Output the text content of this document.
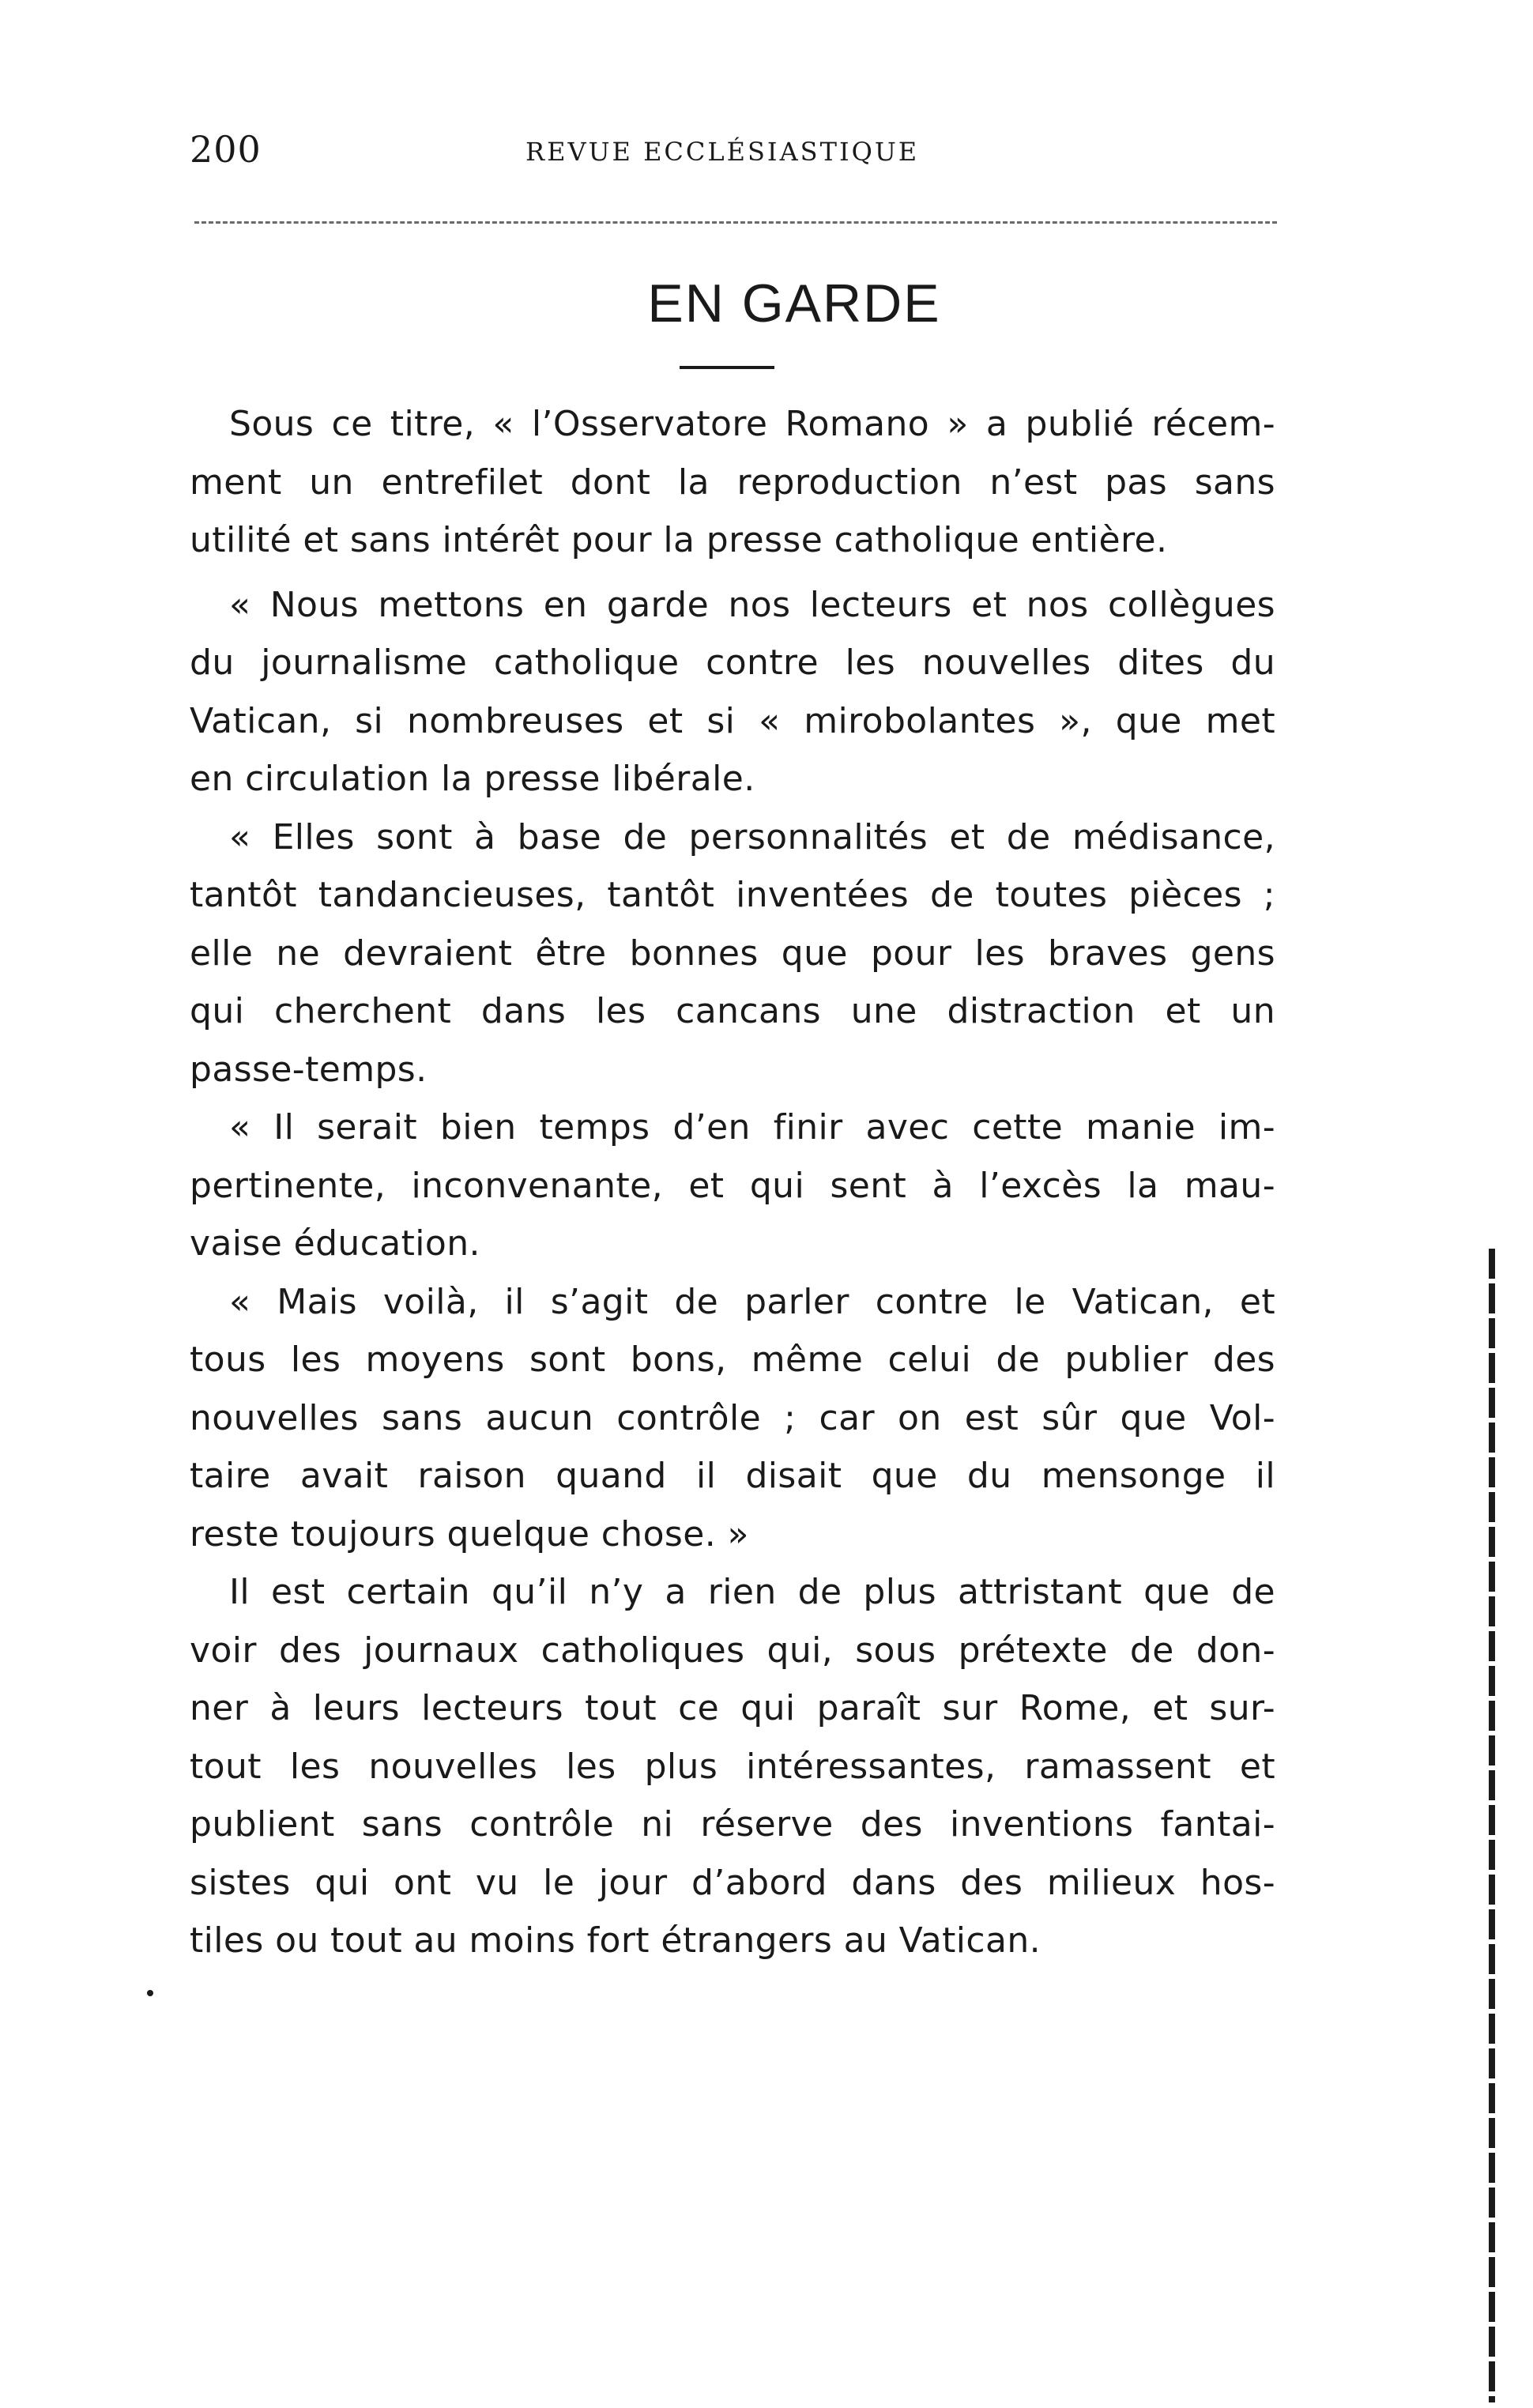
200	REVUE ECCLÉSIASTIQUE
EN GARDE
Sous ce titre, « l’Osservatore Romano » a publié récem-
ment un entrefilet dont la reproduction n’est pas sans
utilité et sans intérêt pour la presse catholique entière.
« Nous mettons en garde nos lecteurs et nos collègues
du journalisme catholique contre les nouvelles dites du
Vatican, si nombreuses et si « mirobolantes », que met
en circulation la presse libérale.
« Elles sont à base de personnalités et de médisance,
tantôt tandancieuses, tantôt inventées de toutes pièces ;
elle ne devraient être bonnes que pour les braves gens
qui cherchent dans les cancans une distraction et un
passe-temps.
« Il serait bien temps d’en finir avec cette manie im-
pertinente, inconvenante, et qui sent à l’excès la mau-
vaise éducation.
« Mais voilà, il s’agit de parler contre le Vatican, et
tous les moyens sont bons, même celui de publier des
nouvelles sans aucun contrôle ; car on est sûr que Vol-
taire avait raison quand il disait que du mensonge il
reste toujours quelque chose. »
Il est certain qu’il n’y a rien de plus attristant que de
voir des journaux catholiques qui, sous prétexte de don-
ner à leurs lecteurs tout ce qui paraît sur Rome, et sur-
tout les nouvelles les plus intéressantes, ramassent et
publient sans contrôle ni réserve des inventions fantai-
sistes qui ont vu le jour d’abord dans des milieux hos-
tiles ou tout au moins fort étrangers au Vatican.
